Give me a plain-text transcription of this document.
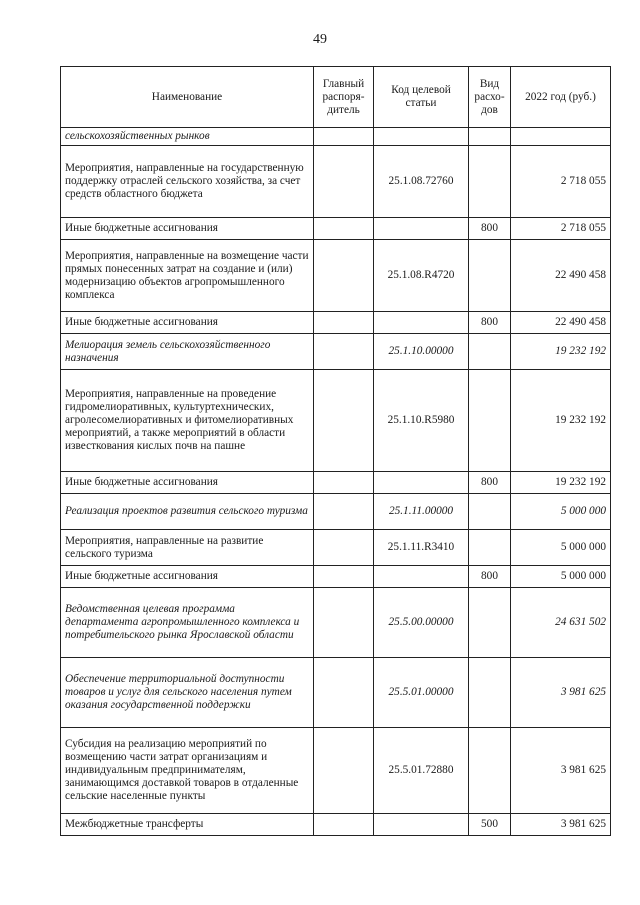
49
Наименование	Главный распоря-дитель	Код целевой статьи	Вид расхо-дов	2022 год (руб.)
сельскохозяйственных рынков				
Мероприятия, направленные на государственную поддержку отраслей сельского хозяйства, за счет средств областного бюджета		25.1.08.72760		2 718 055
Иные бюджетные ассигнования			800	2 718 055
Мероприятия, направленные на возмещение части прямых понесенных затрат на создание и (или) модернизацию объектов агропромышленного комплекса		25.1.08.R4720		22 490 458
Иные бюджетные ассигнования			800	22 490 458
Мелиорация земель сельскохозяйственного назначения		25.1.10.00000		19 232 192
Мероприятия, направленные на проведение гидромелиоративных, культуртехнических, агролесомелиоративных и фитомелиоративных мероприятий, а также мероприятий в области известкования кислых почв на пашне		25.1.10.R5980		19 232 192
Иные бюджетные ассигнования			800	19 232 192
Реализация проектов развития сельского туризма		25.1.11.00000		5 000 000
Мероприятия, направленные на развитие сельского туризма		25.1.11.R3410		5 000 000
Иные бюджетные ассигнования			800	5 000 000
Ведомственная целевая программа департамента агропромышленного комплекса и потребительского рынка Ярославской области		25.5.00.00000		24 631 502
Обеспечение территориальной доступности товаров и услуг для сельского населения путем оказания государственной поддержки		25.5.01.00000		3 981 625
Субсидия на реализацию мероприятий по возмещению части затрат организациям и индивидуальным предпринимателям, занимающимся доставкой товаров в отдаленные сельские населенные пункты		25.5.01.72880		3 981 625
Межбюджетные трансферты			500	3 981 625
